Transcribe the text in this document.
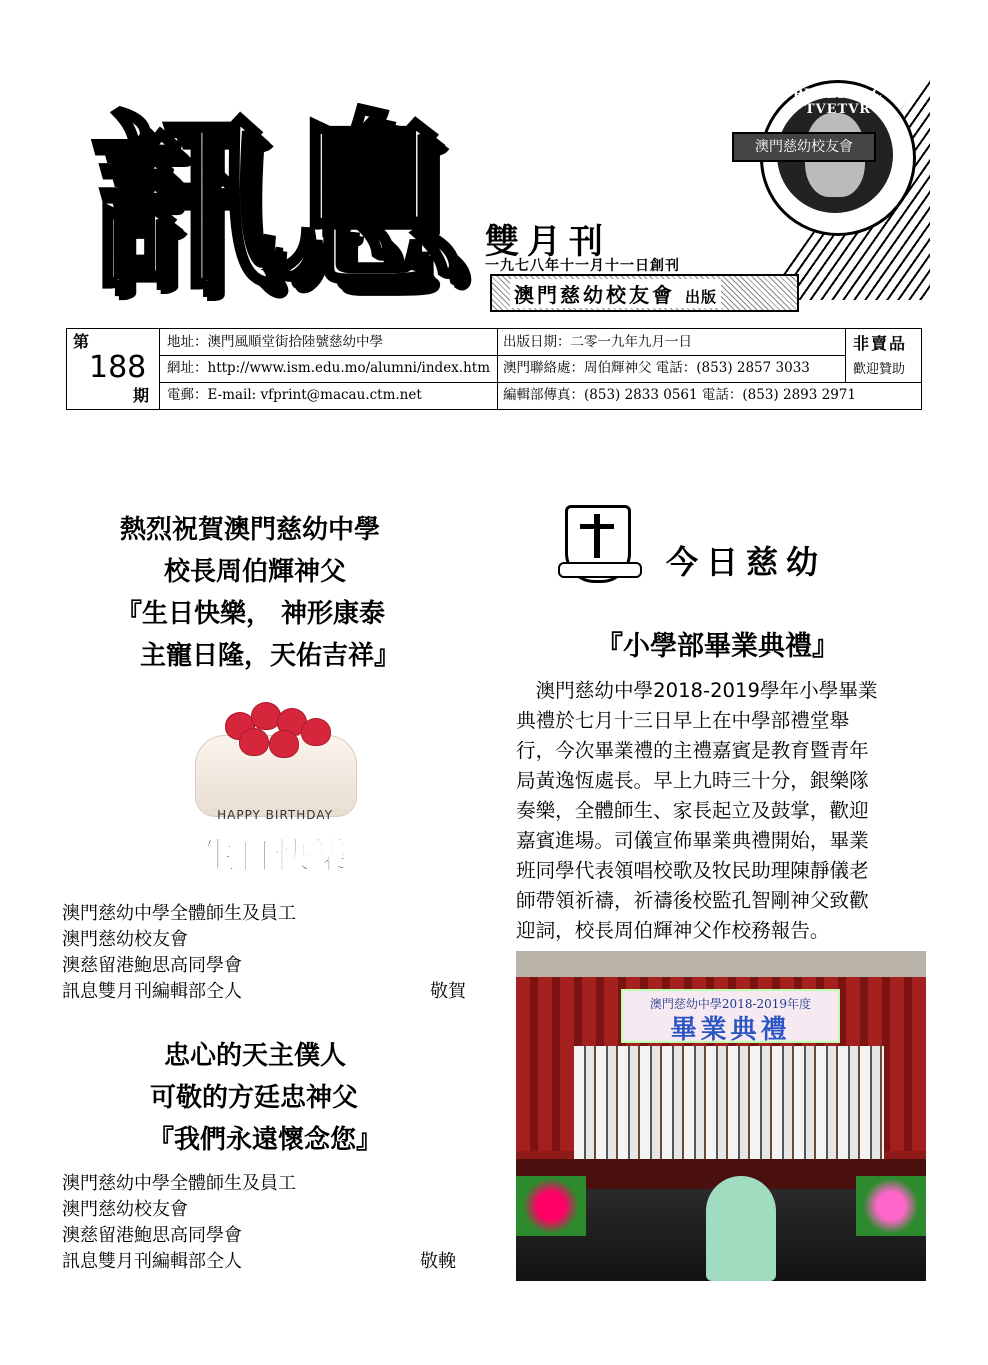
訊息 雙月刊
一九七八年十一月十一日創刊
澳門慈幼校友會 出版
PRAEIT AC TVETVR
澳門慈幼校友會
第
188
期
地址：澳門風順堂街拾陸號慈幼中學
網址：http://www.ism.edu.mo/alumni/index.htm
電郵：E-mail: vfprint@macau.ctm.net
出版日期：二零一九年九月一日
澳門聯絡處：周伯輝神父 電話：(853) 2857 3033
編輯部傳真：(853) 2833 0561 電話：(853) 2893 2971
非賣品
歡迎贊助
熱烈祝賀澳門慈幼中學
校長周伯輝神父
『生日快樂， 神形康泰
主寵日隆，天佑吉祥』
HAPPY BIRTHDAY
生日快樂
澳門慈幼中學全體師生及員工
澳門慈幼校友會
澳慈留港鮑思高同學會
訊息雙月刊編輯部仝人	敬賀
忠心的天主僕人
可敬的方廷忠神父
『我們永遠懷念您』
澳門慈幼中學全體師生及員工
澳門慈幼校友會
澳慈留港鮑思高同學會
訊息雙月刊編輯部仝人	敬輓
今日慈幼
『小學部畢業典禮』
　澳門慈幼中學2018-2019學年小學畢業
典禮於七月十三日早上在中學部禮堂舉
行，今次畢業禮的主禮嘉賓是教育暨青年
局黃逸恆處長。早上九時三十分，銀樂隊
奏樂，全體師生、家長起立及鼓掌，歡迎
嘉賓進場。司儀宣佈畢業典禮開始，畢業
班同學代表領唱校歌及牧民助理陳靜儀老
師帶領祈禱，祈禱後校監孔智剛神父致歡
迎詞，校長周伯輝神父作校務報告。
澳門慈幼中學2018-2019年度
畢業典禮
